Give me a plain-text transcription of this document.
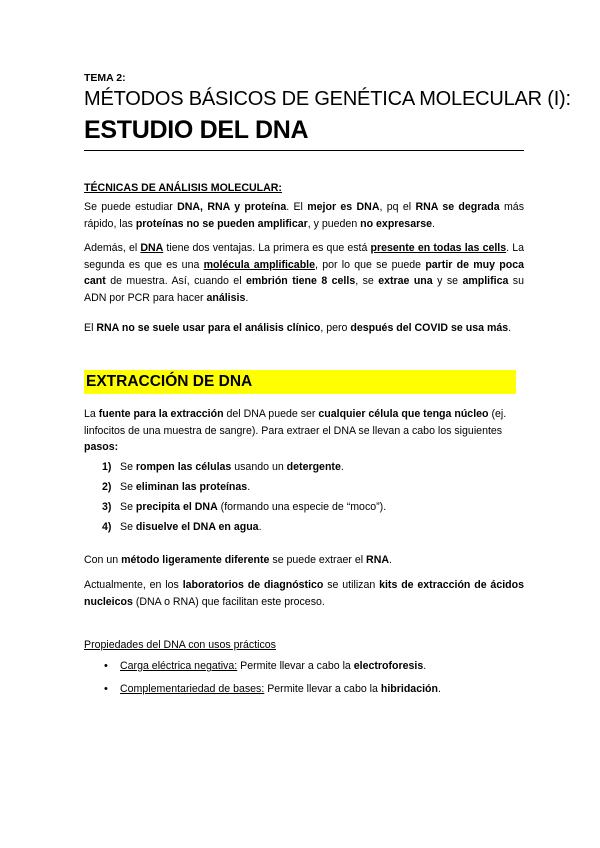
TEMA 2:
MÉTODOS BÁSICOS DE GENÉTICA MOLECULAR (I):
ESTUDIO DEL DNA
TÉCNICAS DE ANÁLISIS MOLECULAR:
Se puede estudiar DNA, RNA y proteína. El mejor es DNA, pq el RNA se degrada más rápido, las proteínas no se pueden amplificar, y pueden no expresarse.
Además, el DNA tiene dos ventajas. La primera es que está presente en todas las cells. La segunda es que es una molécula amplificable, por lo que se puede partir de muy poca cant de muestra. Así, cuando el embrión tiene 8 cells, se extrae una y se amplifica su ADN por PCR para hacer análisis.
El RNA no se suele usar para el análisis clínico, pero después del COVID se usa más.
EXTRACCIÓN DE DNA
La fuente para la extracción del DNA puede ser cualquier célula que tenga núcleo (ej. linfocitos de una muestra de sangre). Para extraer el DNA se llevan a cabo los siguientes pasos:
1) Se rompen las células usando un detergente.
2) Se eliminan las proteínas.
3) Se precipita el DNA (formando una especie de “moco”).
4) Se disuelve el DNA en agua.
Con un método ligeramente diferente se puede extraer el RNA.
Actualmente, en los laboratorios de diagnóstico se utilizan kits de extracción de ácidos nucleicos (DNA o RNA) que facilitan este proceso.
Propiedades del DNA con usos prácticos
• Carga eléctrica negativa: Permite llevar a cabo la electroforesis.
• Complementariedad de bases: Permite llevar a cabo la hibridación.
